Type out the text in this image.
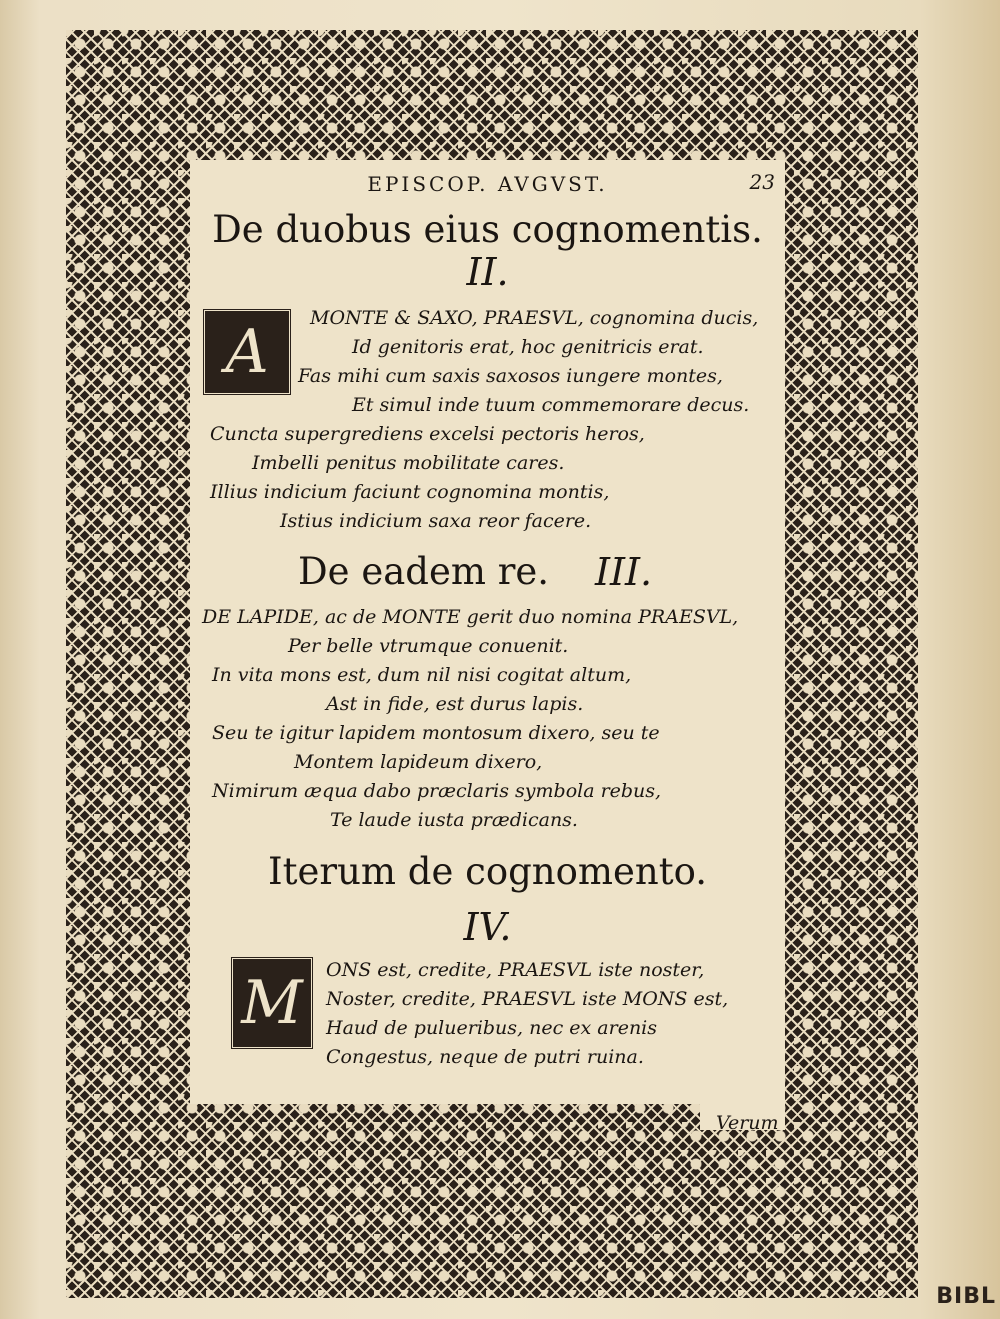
EPISCOP. AVGVST.	23
De duobus eius cognomentis.
II.
A	MONTE & SAXO, PRAESVL, cognomina ducis,

Id genitoris erat, hoc genitricis erat.

Fas mihi cum saxis saxosos iungere montes,

Et simul inde tuum commemorare decus.

Cuncta supergrediens excelsi pectoris heros,

Imbelli penitus mobilitate cares.

Illius indicium faciunt cognomina montis,

Istius indicium saxa reor facere.

De eadem re. III.

DE LAPIDE, ac de MONTE gerit duo nomina PRAESVL,

Per belle vtrumque conuenit.

In vita mons est, dum nil nisi cogitat altum,

Ast in fide, est durus lapis.

Seu te igitur lapidem montosum dixero, seu te

Montem lapideum dixero,

Nimirum æqua dabo præclaris symbola rebus,

Te laude iusta prædicans.

Iterum de cognomento.
IV.
M	ONS est, credite, PRAESVL iste noster,

Noster, credite, PRAESVL iste MONS est,

Haud de pulueribus, nec ex arenis

Congestus, neque de putri ruina.

Verum
BIBL
